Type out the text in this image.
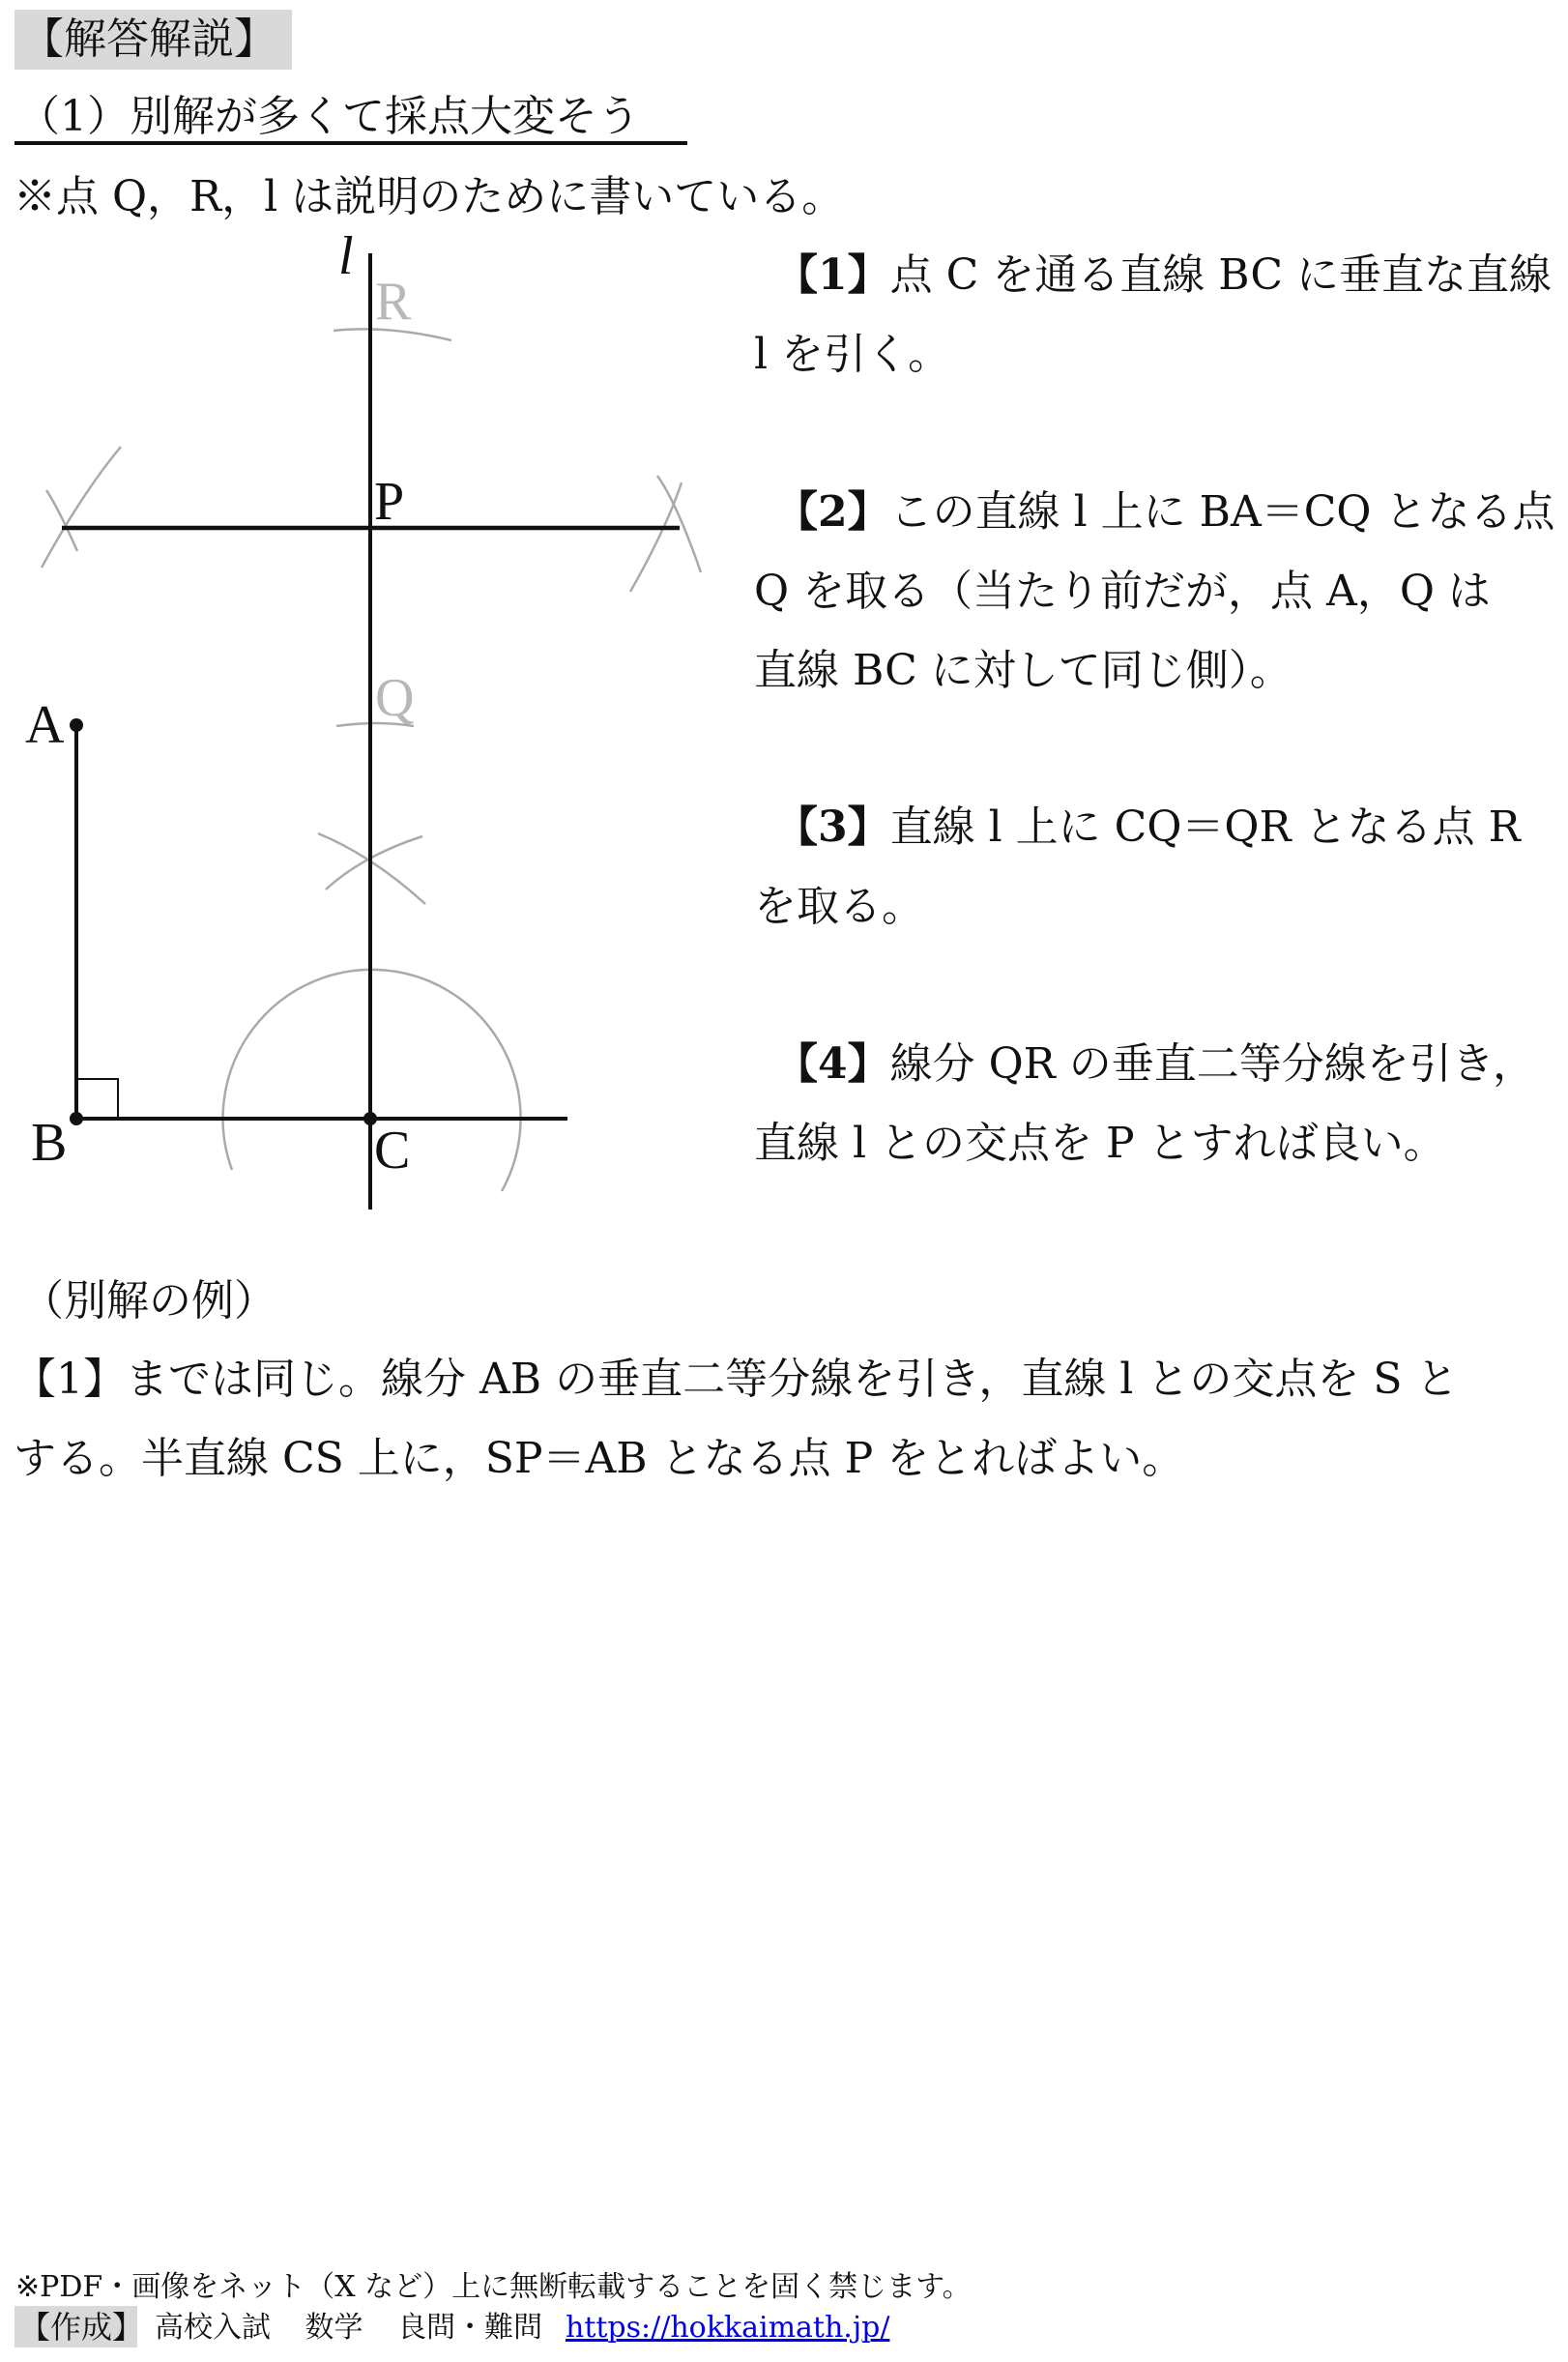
【解答解説】
（1）別解が多くて採点大変そう
※点 Q，R，l は説明のために書いている。
l
R
P
Q
A
B	C
【1】点 C を通る直線 BC に垂直な直線
l を引く。
【2】この直線 l 上に BA＝CQ となる点
Q を取る（当たり前だが，点 A，Q は
直線 BC に対して同じ側）。
【3】直線 l 上に CQ＝QR となる点 R
を取る。
【4】線分 QR の垂直二等分線を引き，
直線 l との交点を P とすれば良い。
（別解の例）
【1】までは同じ。線分 AB の垂直二等分線を引き，直線 l との交点を S と
する。半直線 CS 上に，SP＝AB となる点 P をとればよい。
※PDF・画像をネット（X など）上に無断転載することを固く禁じます。
【作成】 高校入試 数学 良問・難問 https://hokkaimath.jp/
